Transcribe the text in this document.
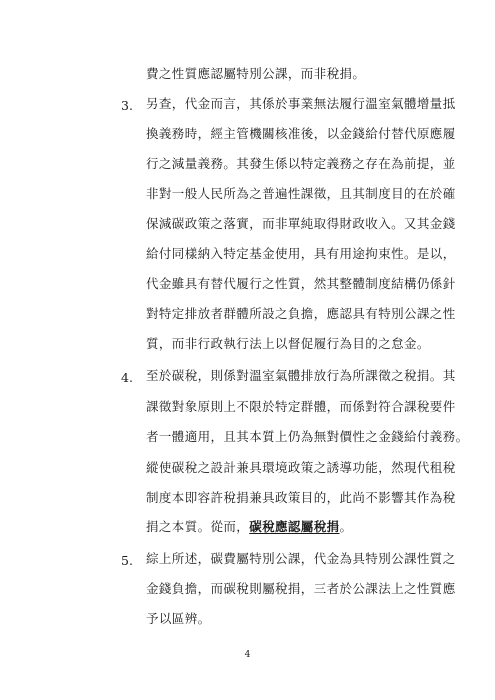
費之性質應認屬特別公課，而非稅捐。
3. 另查，代金而言，其係於事業無法履行溫室氣體增量抵
換義務時，經主管機關核准後，以金錢給付替代原應履
行之減量義務。其發生係以特定義務之存在為前提，並
非對一般人民所為之普遍性課徵，且其制度目的在於確
保減碳政策之落實，而非單純取得財政收入。又其金錢
給付同樣納入特定基金使用，具有用途拘束性。是以，
代金雖具有替代履行之性質，然其整體制度結構仍係針
對特定排放者群體所設之負擔，應認具有特別公課之性
質，而非行政執行法上以督促履行為目的之怠金。
4. 至於碳稅，則係對溫室氣體排放行為所課徵之稅捐。其
課徵對象原則上不限於特定群體，而係對符合課稅要件
者一體適用，且其本質上仍為無對價性之金錢給付義務。
縱使碳稅之設計兼具環境政策之誘導功能，然現代租稅
制度本即容許稅捐兼具政策目的，此尚不影響其作為稅
捐之本質。從而，碳稅應認屬稅捐。
5. 綜上所述，碳費屬特別公課，代金為具特別公課性質之
金錢負擔，而碳稅則屬稅捐，三者於公課法上之性質應
予以區辨。
4
